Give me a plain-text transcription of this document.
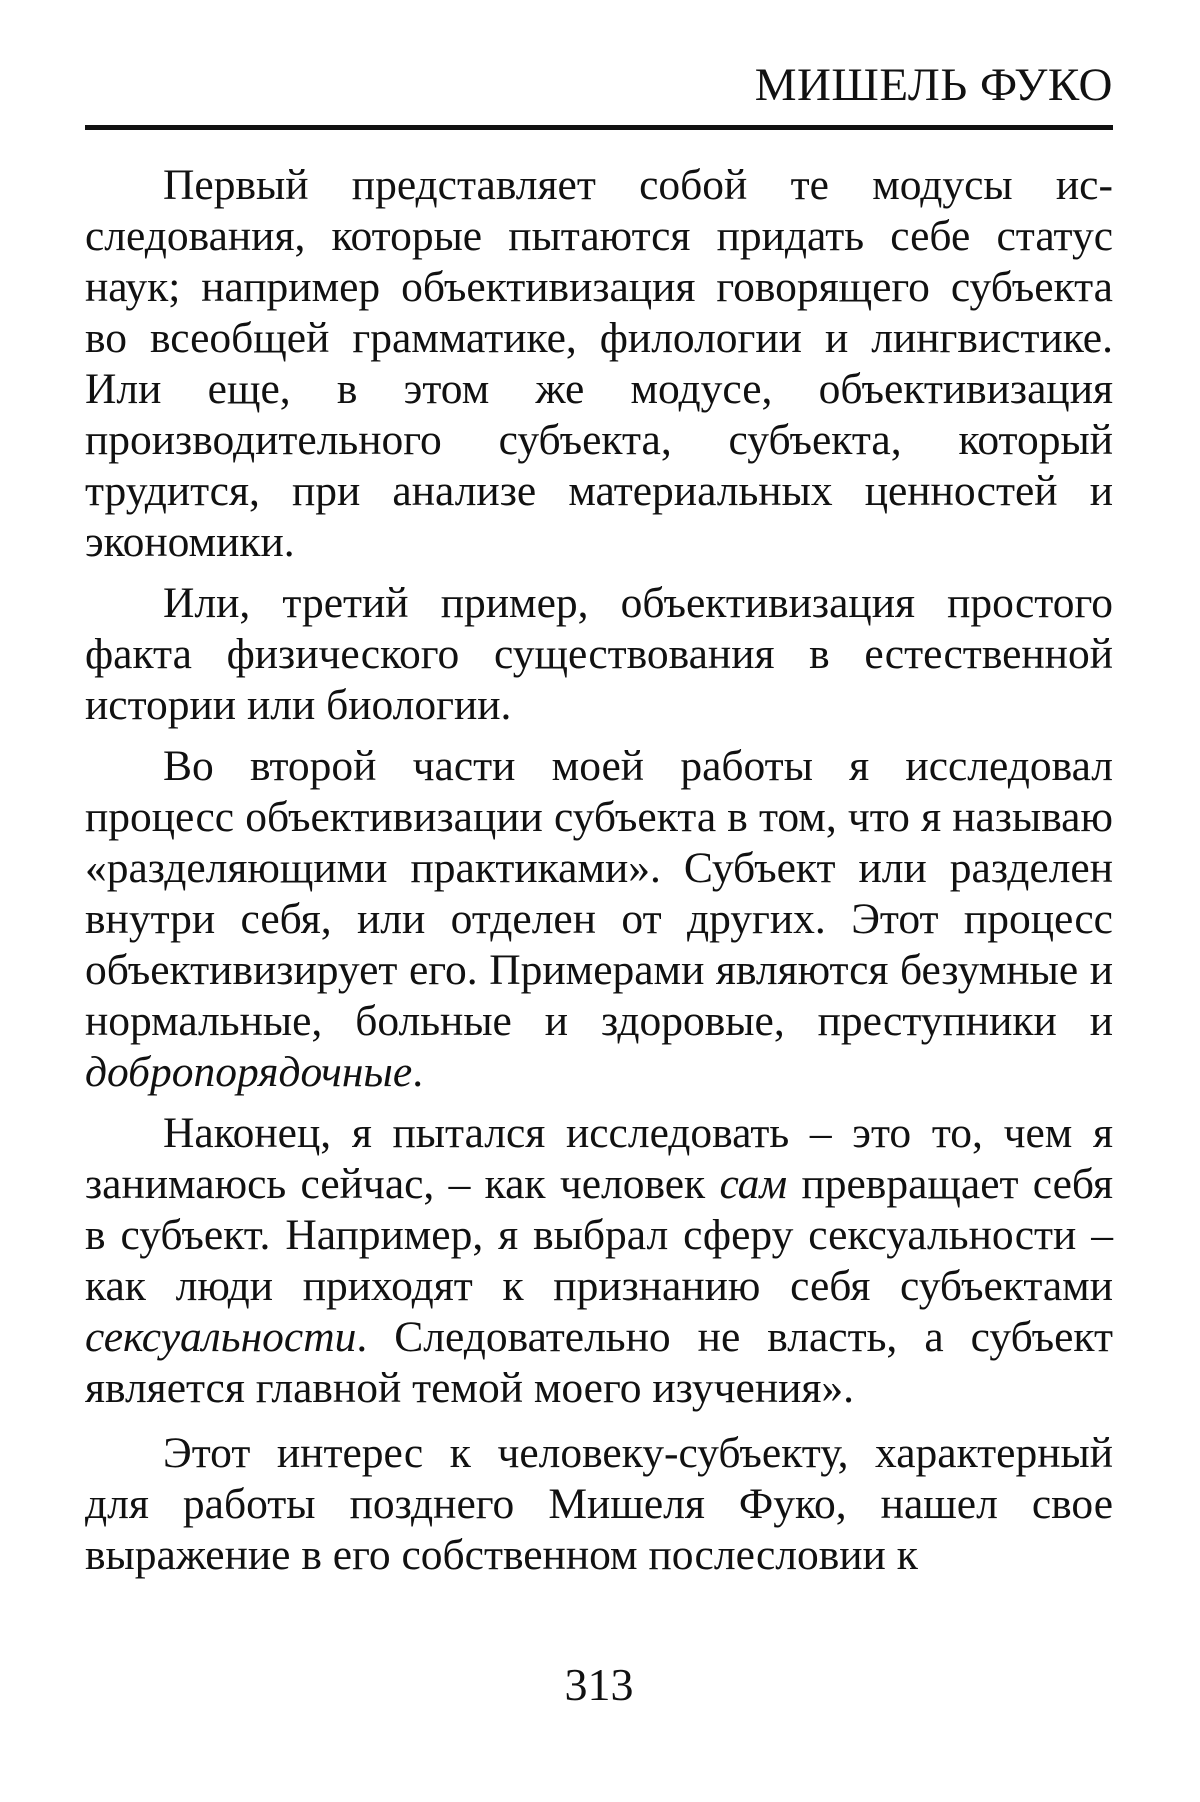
МИШЕЛЬ ФУКО

Первый представляет собой те модусы исследования, которые пытаются придать себе статус наук; например объективизация говорящего субъекта во всеобщей грамматике, филологии и лингвистике. Или еще, в этом же модусе, объективизация производительного субъекта, субъекта, который трудится, при анализе материальных ценностей и экономики.

Или, третий пример, объективизация простого факта физического существования в естественной истории или биологии.

Во второй части моей работы я исследовал процесс объективизации субъекта в том, что я называю «разделяющими практиками». Субъект или разделен внутри себя, или отделен от других. Этот процесс объективизирует его. Примерами являются безумные и нормальные, больные и здоровые, преступники и добропорядочные.

Наконец, я пытался исследовать – это то, чем я занимаюсь сейчас, – как человек сам превращает себя в субъект. Например, я выбрал сферу сексуальности – как люди приходят к признанию себя субъектами сексуальности. Следовательно не власть, а субъект является главной темой моего изучения».

Этот интерес к человеку-субъекту, характерный для работы позднего Мишеля Фуко, нашел свое выражение в его собственном послесловии к

313
